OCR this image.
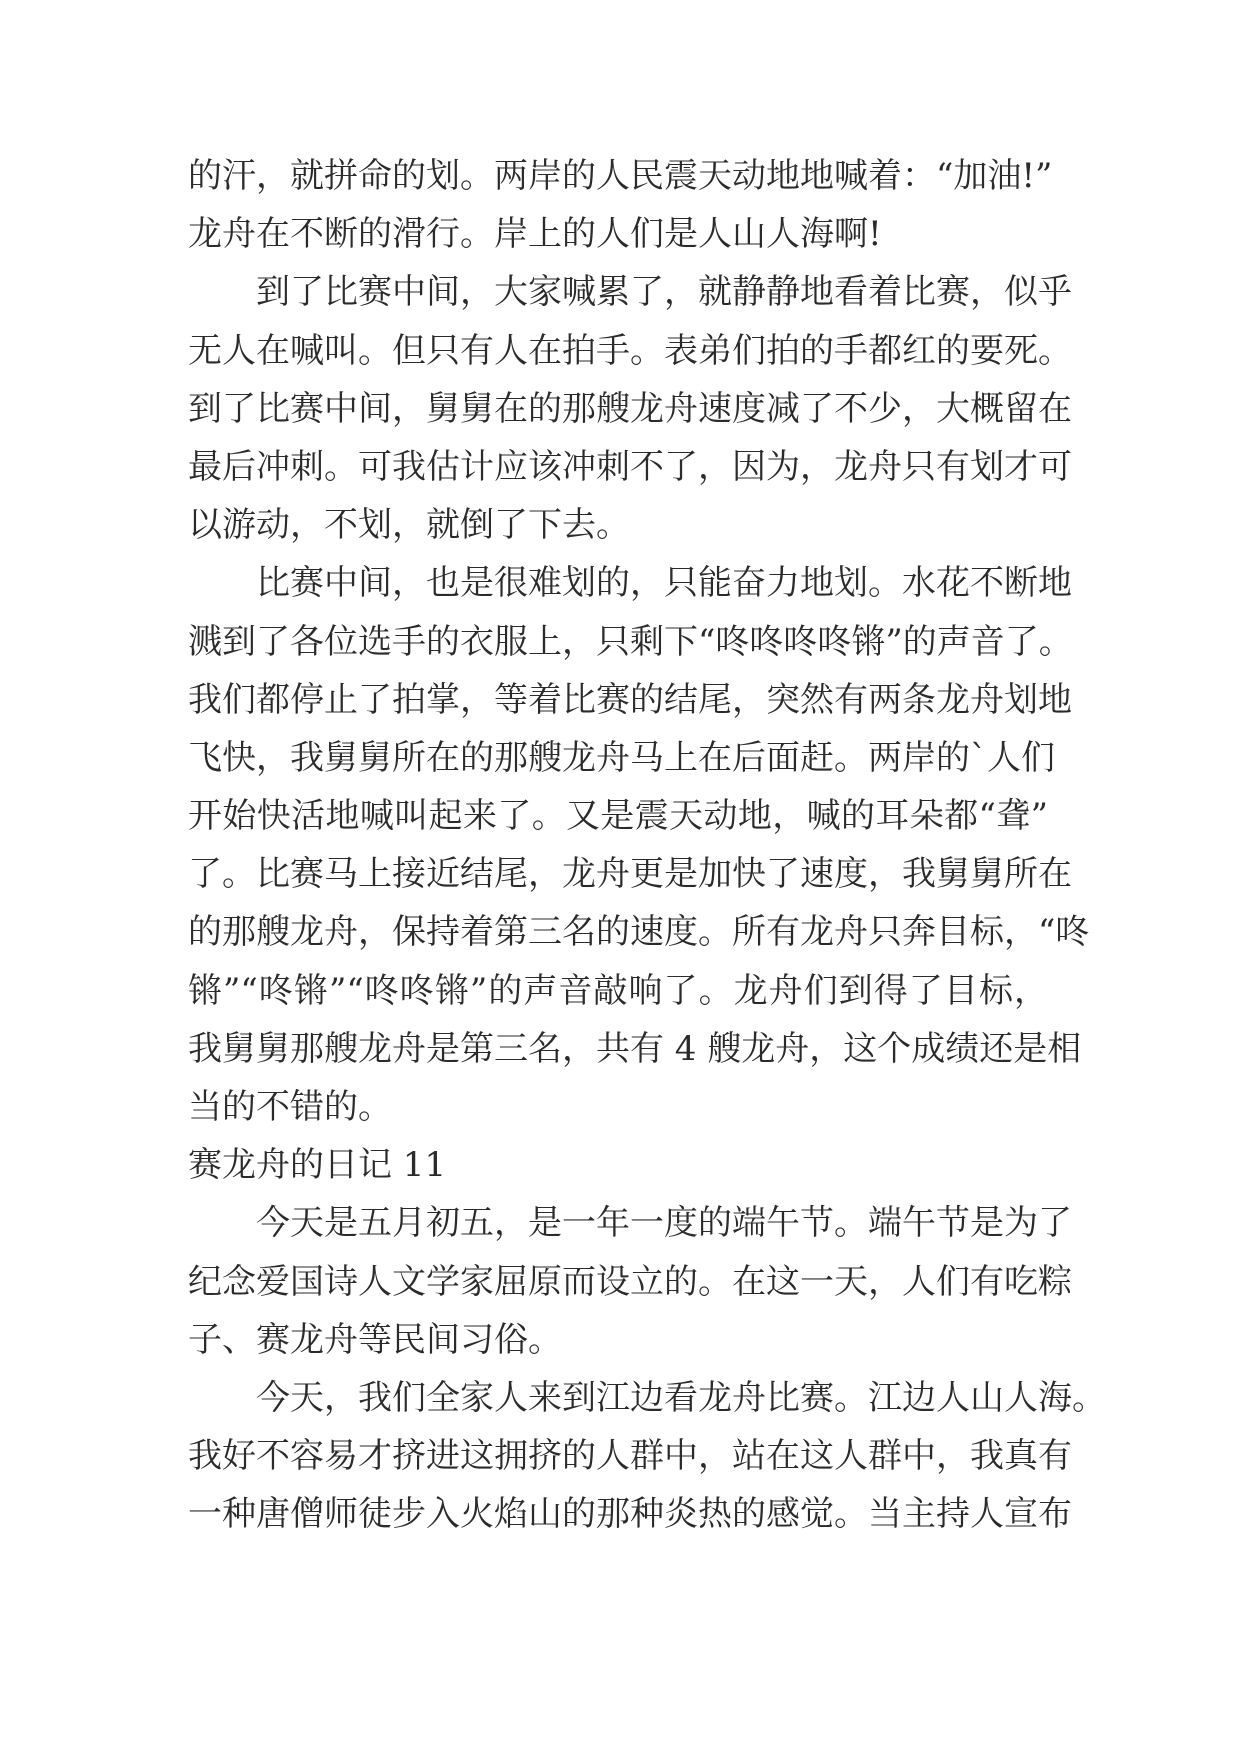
的汗，就拼命的划。两岸的人民震天动地地喊着：“加油!”
龙舟在不断的滑行。岸上的人们是人山人海啊!
到了比赛中间，大家喊累了，就静静地看着比赛，似乎
无人在喊叫。但只有人在拍手。表弟们拍的手都红的要死。
到了比赛中间，舅舅在的那艘龙舟速度减了不少，大概留在
最后冲刺。可我估计应该冲刺不了，因为，龙舟只有划才可
以游动，不划，就倒了下去。
比赛中间，也是很难划的，只能奋力地划。水花不断地
溅到了各位选手的衣服上，只剩下“咚咚咚咚锵”的声音了。
我们都停止了拍掌，等着比赛的结尾，突然有两条龙舟划地
飞快，我舅舅所在的那艘龙舟马上在后面赶。两岸的`人们
开始快活地喊叫起来了。又是震天动地，喊的耳朵都“聋”
了。比赛马上接近结尾，龙舟更是加快了速度，我舅舅所在
的那艘龙舟，保持着第三名的速度。所有龙舟只奔目标，“咚
锵”“咚锵”“咚咚锵”的声音敲响了。龙舟们到得了目标，
我舅舅那艘龙舟是第三名，共有 4 艘龙舟，这个成绩还是相
当的不错的。
赛龙舟的日记 11
今天是五月初五，是一年一度的端午节。端午节是为了
纪念爱国诗人文学家屈原而设立的。在这一天，人们有吃粽
子、赛龙舟等民间习俗。
今天，我们全家人来到江边看龙舟比赛。江边人山人海。
我好不容易才挤进这拥挤的人群中，站在这人群中，我真有
一种唐僧师徒步入火焰山的那种炎热的感觉。当主持人宣布
